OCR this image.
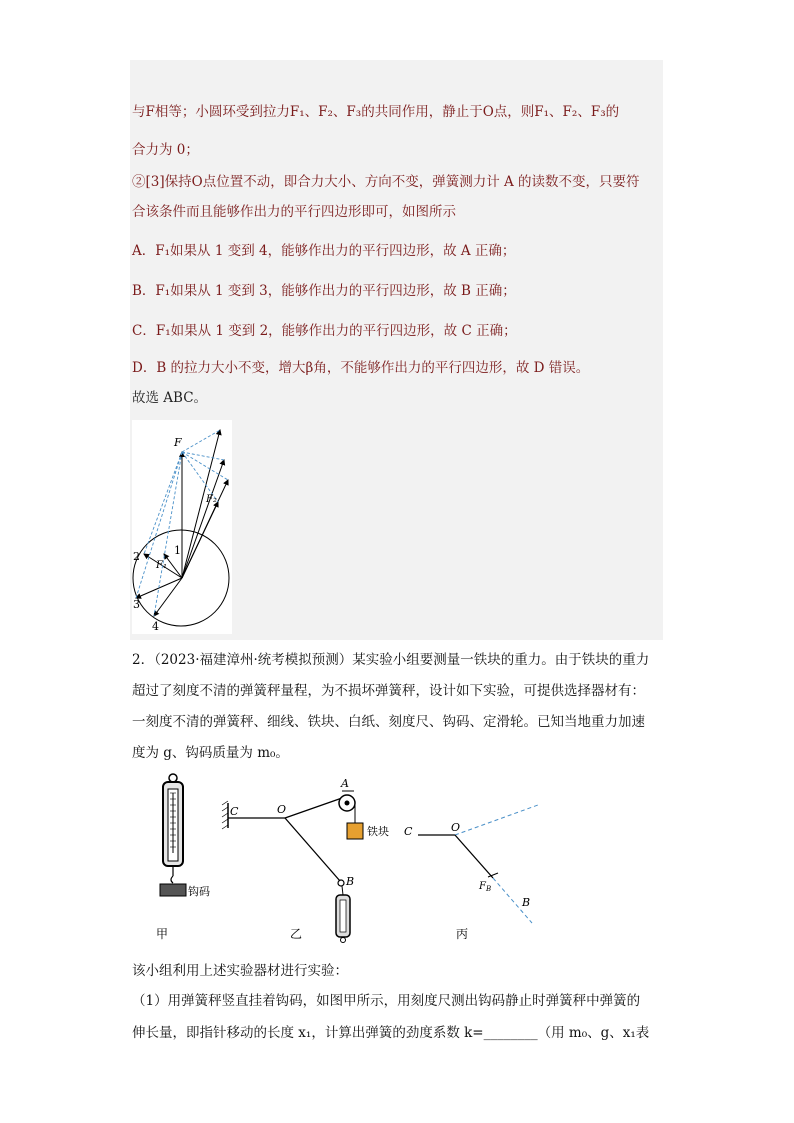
与F相等；小圆环受到拉力F₁、F₂、F₃的共同作用，静止于O点，则F₁、F₂、F₃的
合力为 0；
②[3]保持O点位置不动，即合力大小、方向不变，弹簧测力计 A 的读数不变，只要符
合该条件而且能够作出力的平行四边形即可，如图所示
A．F₁如果从 1 变到 4，能够作出力的平行四边形，故 A 正确；
B．F₁如果从 1 变到 3，能够作出力的平行四边形，故 B 正确；
C．F₁如果从 1 变到 2，能够作出力的平行四边形，故 C 正确；
D．B 的拉力大小不变，增大β角，不能够作出力的平行四边形，故 D 错误。
故选 ABC。
F
F₂
F₁
1
2
3
4
2．（2023·福建漳州·统考模拟预测）某实验小组要测量一铁块的重力。由于铁块的重力
超过了刻度不清的弹簧秤量程，为不损坏弹簧秤，设计如下实验，可提供选择器材有：
一刻度不清的弹簧秤、细线、铁块、白纸、刻度尺、钩码、定滑轮。已知当地重力加速
度为 g、钩码质量为 m₀。
钩码
甲
C	O
A
B
铁块
乙
C	O
$F_B$
B
丙
该小组利用上述实验器材进行实验：
（1）用弹簧秤竖直挂着钩码，如图甲所示，用刻度尺测出钩码静止时弹簧秤中弹簧的
伸长量，即指针移动的长度 x₁，计算出弹簧的劲度系数 k=________（用 m₀、g、x₁表
